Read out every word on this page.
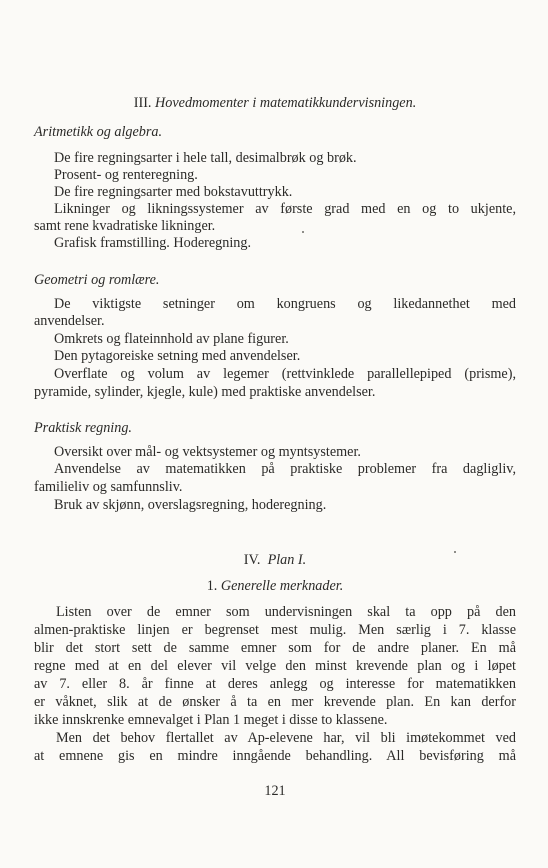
III. Hovedmomenter i matematikkundervisningen.
Aritmetikk og algebra.
De fire regningsarter i hele tall, desimalbrøk og brøk.
Prosent- og renteregning.
De fire regningsarter med bokstavuttrykk.
Likninger og likningssystemer av første grad med en og to ukjente,
samt rene kvadratiske likninger.
Grafisk framstilling. Hoderegning.
Geometri og romlære.
De viktigste setninger om kongruens og likedannethet med
anvendelser.
Omkrets og flateinnhold av plane figurer.
Den pytagoreiske setning med anvendelser.
Overflate og volum av legemer (rettvinklede parallellepiped (prisme),
pyramide, sylinder, kjegle, kule) med praktiske anvendelser.
Praktisk regning.
Oversikt over mål- og vektsystemer og myntsystemer.
Anvendelse av matematikken på praktiske problemer fra dagligliv,
familieliv og samfunnsliv.
Bruk av skjønn, overslagsregning, hoderegning.
IV. Plan I.
1. Generelle merknader.
Listen over de emner som undervisningen skal ta opp på den
almen-praktiske linjen er begrenset mest mulig. Men særlig i 7. klasse
blir det stort sett de samme emner som for de andre planer. En må
regne med at en del elever vil velge den minst krevende plan og i løpet
av 7. eller 8. år finne at deres anlegg og interesse for matematikken
er våknet, slik at de ønsker å ta en mer krevende plan. En kan derfor
ikke innskrenke emnevalget i Plan 1 meget i disse to klassene.
Men det behov flertallet av Ap-elevene har, vil bli imøtekommet ved
at emnene gis en mindre inngående behandling. All bevisføring må
121
